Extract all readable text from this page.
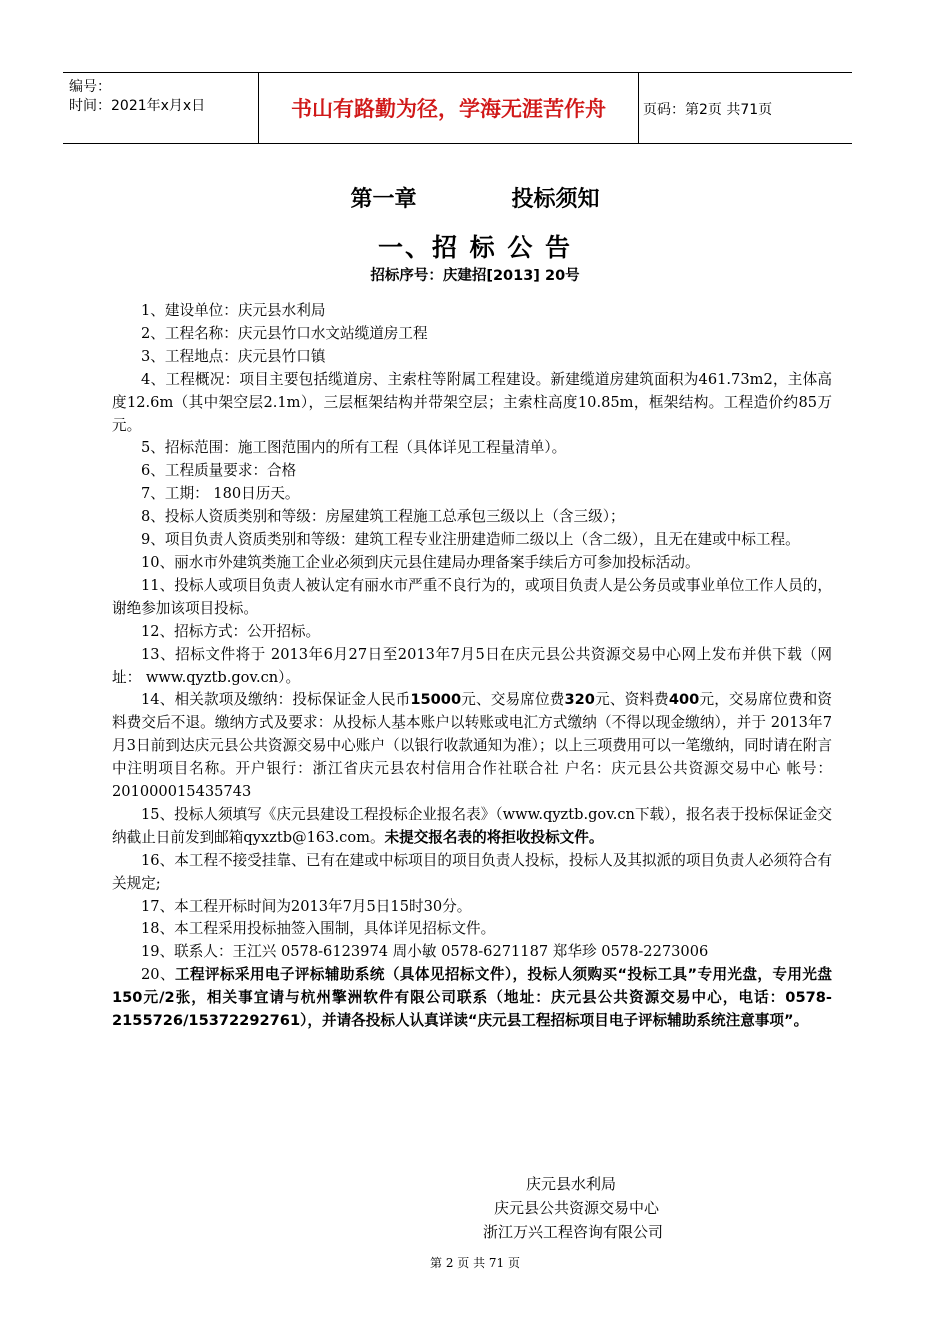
编号：
时间：2021年x月x日	书山有路勤为径，学海无涯苦作舟	页码：第2页 共71页
第一章	投标须知
一、招 标 公 告
招标序号：庆建招[2013] 20号

1、建设单位：庆元县水利局

2、工程名称：庆元县竹口水文站缆道房工程

3、工程地点：庆元县竹口镇

4、工程概况：项目主要包括缆道房、主索柱等附属工程建设。新建缆道房建筑面积为461.73m2，主体高度12.6m（其中架空层2.1m），三层框架结构并带架空层；主索柱高度10.85m，框架结构。工程造价约85万元。

5、招标范围：施工图范围内的所有工程（具体详见工程量清单）。

6、工程质量要求：合格

7、工期： 180日历天。

8、投标人资质类别和等级：房屋建筑工程施工总承包三级以上（含三级）；

9、项目负责人资质类别和等级：建筑工程专业注册建造师二级以上（含二级），且无在建或中标工程。

10、丽水市外建筑类施工企业必须到庆元县住建局办理备案手续后方可参加投标活动。

11、投标人或项目负责人被认定有丽水市严重不良行为的，或项目负责人是公务员或事业单位工作人员的，谢绝参加该项目投标。

12、招标方式：公开招标。

13、招标文件将于 2013年6月27日至2013年7月5日在庆元县公共资源交易中心网上发布并供下载（网址： www.qyztb.gov.cn）。

14、相关款项及缴纳：投标保证金人民币15000元、交易席位费320元、资料费400元，交易席位费和资料费交后不退。缴纳方式及要求：从投标人基本账户以转账或电汇方式缴纳（不得以现金缴纳），并于 2013年7月3日前到达庆元县公共资源交易中心账户（以银行收款通知为准）；以上三项费用可以一笔缴纳，同时请在附言中注明项目名称。开户银行：浙江省庆元县农村信用合作社联合社 户名：庆元县公共资源交易中心 帐号：201000015435743

15、投标人须填写《庆元县建设工程投标企业报名表》（www.qyztb.gov.cn下载），报名表于投标保证金交纳截止日前发到邮箱qyxztb@163.com。未提交报名表的将拒收投标文件。

16、本工程不接受挂靠、已有在建或中标项目的项目负责人投标，投标人及其拟派的项目负责人必须符合有关规定;

17、本工程开标时间为2013年7月5日15时30分。

18、本工程采用投标抽签入围制，具体详见招标文件。

19、联系人：王江兴 0578-6123974 周小敏 0578-6271187 郑华珍 0578-2273006

20、工程评标采用电子评标辅助系统（具体见招标文件），投标人须购买“投标工具”专用光盘，专用光盘150元/2张，相关事宜请与杭州擎洲软件有限公司联系（地址：庆元县公共资源交易中心，电话：0578-2155726/15372292761），并请各投标人认真详读“庆元县工程招标项目电子评标辅助系统注意事项”。

庆元县水利局
庆元县公共资源交易中心
浙江万兴工程咨询有限公司
第 2 页 共 71 页
